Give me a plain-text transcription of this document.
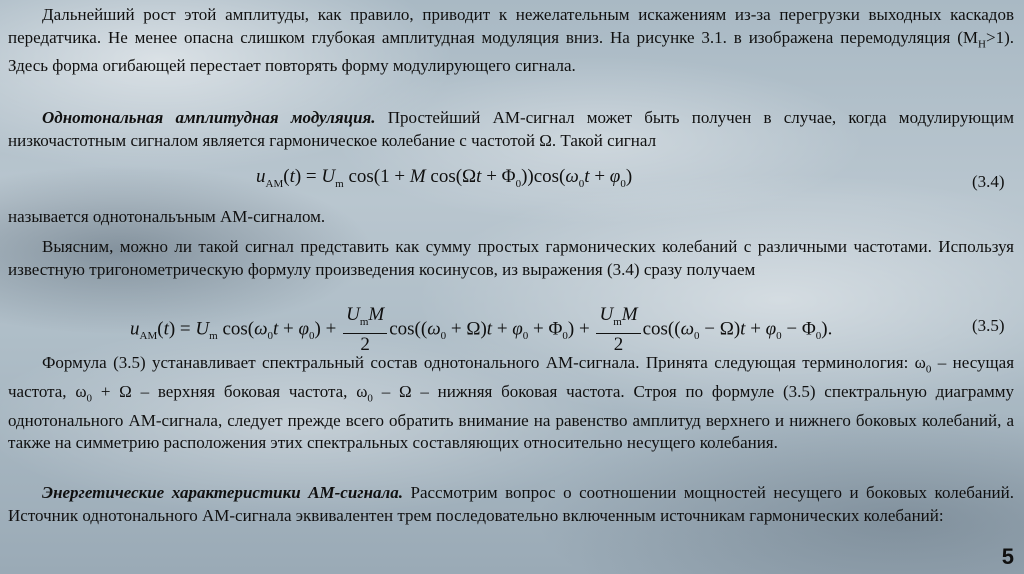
Дальнейший рост этой амплитуды, как правило, приводит к нежелательным искажениям из-за перегрузки выходных каскадов передатчика. Не менее опасна слишком глубокая амплитудная модуляция вниз. На рисунке 3.1. в изображена перемодуляция $(M_H>1)$. Здесь форма огибающей перестает повторять форму модулирующего сигнала.

Однотональная амплитудная модуляция. Простейший АМ-сигнал может быть получен в случае, когда модулирующим низкочастотным сигналом является гармоническое колебание с частотой Ω. Такой сигнал

$u_{AM}(t) = U_m$ cos(1 + M $\cos(\Omega t + \Phi_0))\cos(\omega_0t + \varphi_0)$	(3.4)

называется однотональъным АМ-сигналом.

Выясним, можно ли такой сигнал представить как сумму простых гармонических колебаний с различными частотами. Используя известную тригонометрическую формулу произведения косинусов, из выражения (3.4) сразу получаем

$u_{AM}(t) = U_m$ $\cos(\omega_0t + \varphi_0) + \frac{U_mM}{2} \cos((\omega_0 + \Omega)t + \varphi_0 + \Phi_0) + \frac{U_mM}{2} \cos((\omega_0 - \Omega)t + \varphi_0 - \Phi_0)$.	(3.5)

Формула (3.5) устанавливает спектральный состав однотонального АМ-сигнала. Принята следующая терминология: $\omega_0$ – несущая частота, $\omega_0 + \Omega$ – верхняя боковая частота, $\omega_0$ – Ω – нижняя боковая частота. Строя по формуле (3.5) спектральную диаграмму однотонального АМ-сигнала, следует прежде всего обратить внимание на равенство амплитуд верхнего и нижнего боковых колебаний, а также на симметрию расположения этих спектральных составляющих относительно несущего колебания.

Энергетические характеристики АМ-сигнала. Рассмотрим вопрос о соотношении мощностей несущего и боковых колебаний. Источник однотонального АМ-сигнала эквивалентен трем последовательно включенным источникам гармонических колебаний:

5
